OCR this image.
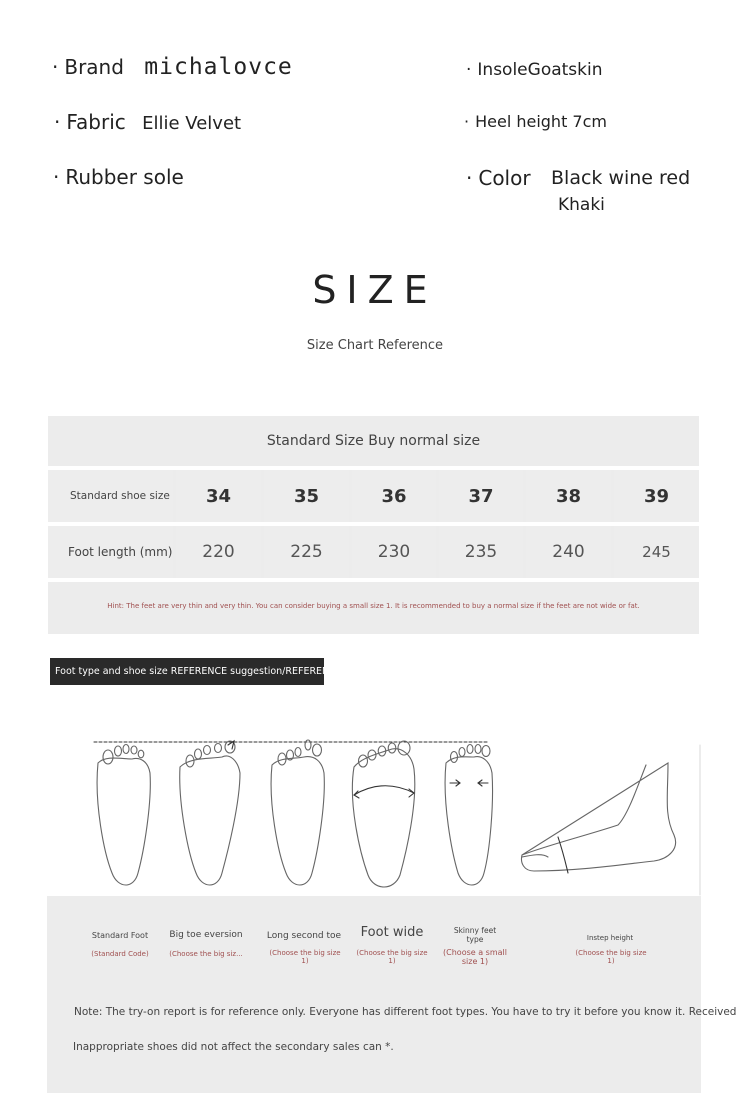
· Brand michalovce
· Fabric Ellie Velvet
· Rubber sole
· InsoleGoatskin
· Heel height 7cm
· Color Black wine red
Khaki
SIZE
Size Chart Reference
Standard Size Buy normal size
Standard shoe size 34	35	36	37	38	39
Foot length (mm) 220	225	230	235	240	245
Hint: The feet are very thin and very thin. You can consider buying a small size 1. It is recommended to buy a normal size if the feet are not wide or fat.
Foot type and shoe size REFERENCE suggestion/REFERENCE
Standard Foot
(Standard Code)
Big toe eversion
(Choose the big siz...
Long second toe
(Choose the big size 1)
Foot wide
(Choose the big size 1)
Skinny feet type
(Choose a small size 1)
Instep height
(Choose the big size 1)
Note: The try-on report is for reference only. Everyone has different foot types. You have to try it before you know it. Received
Inappropriate shoes did not affect the secondary sales can *.
